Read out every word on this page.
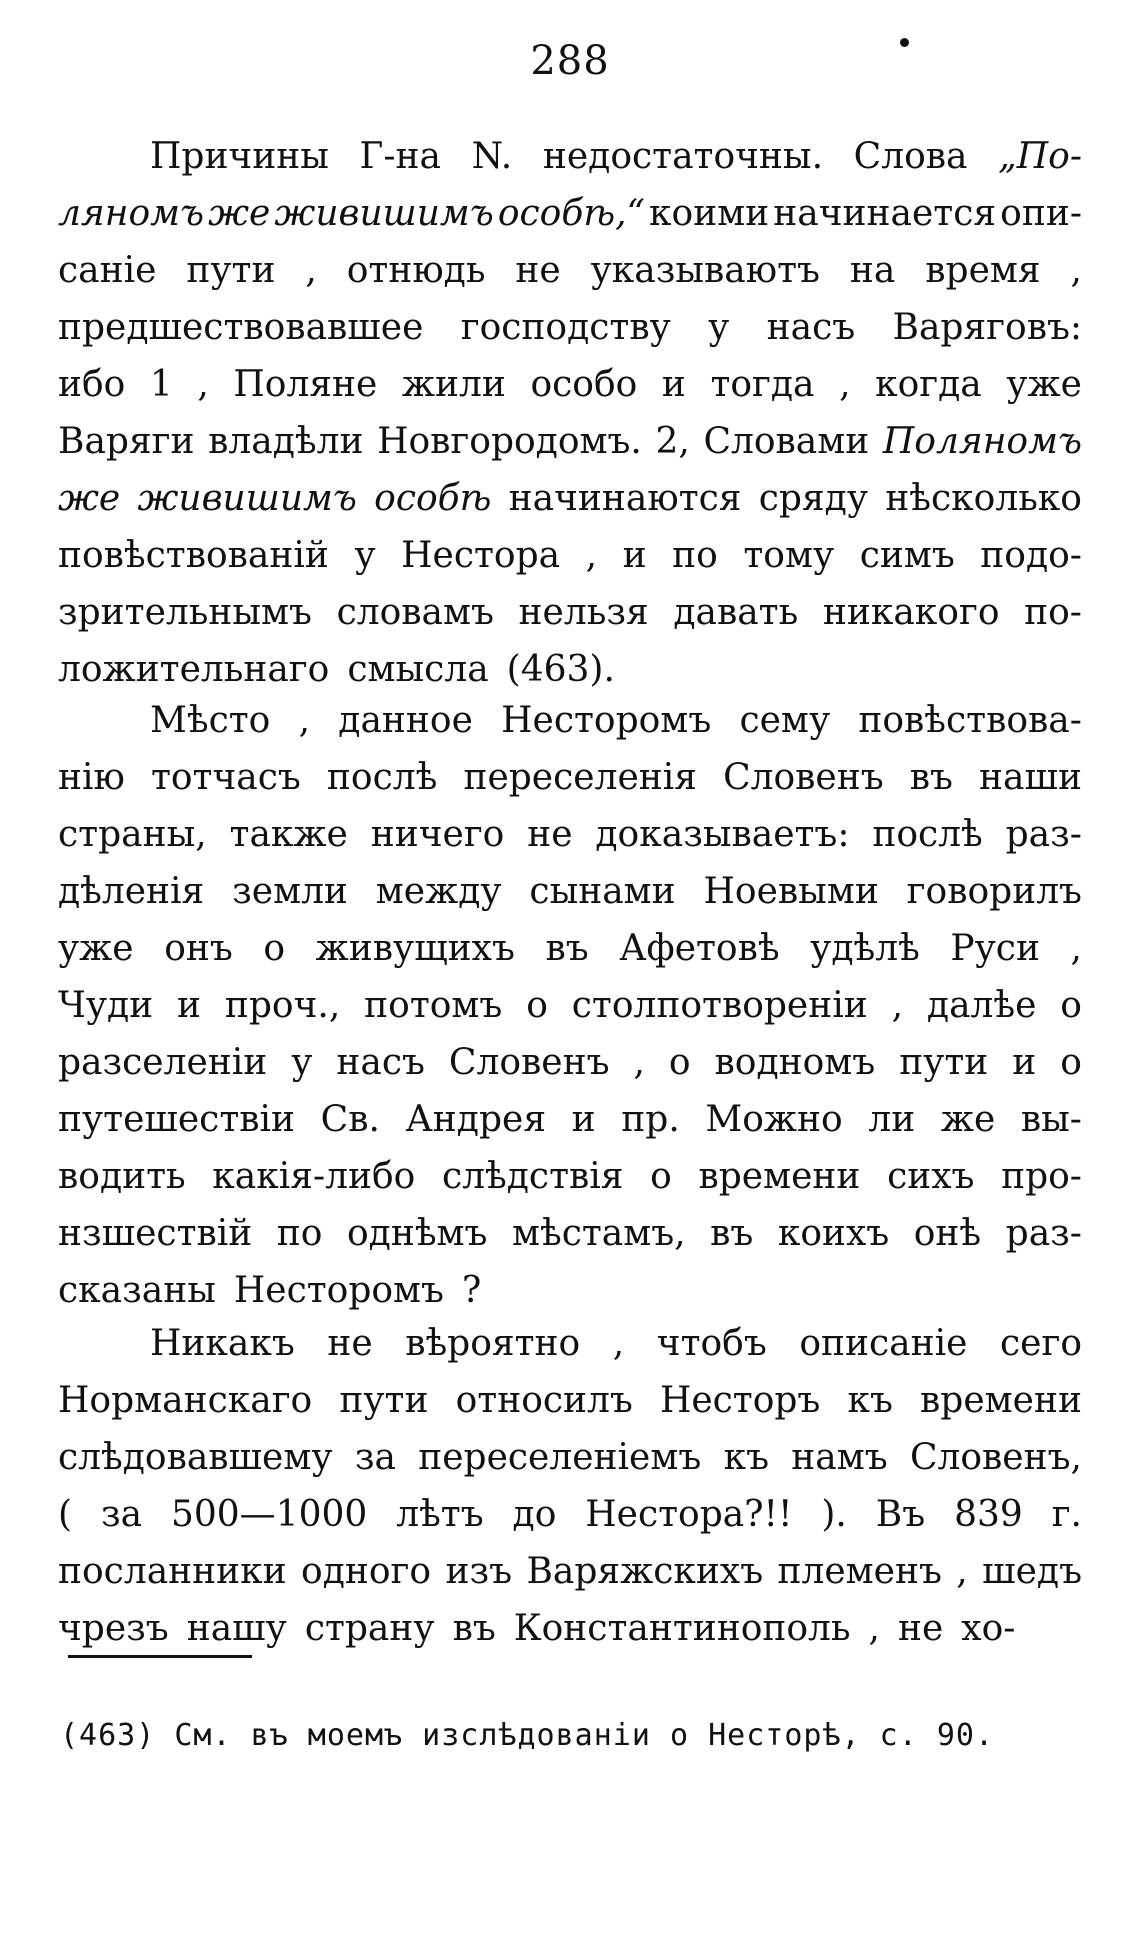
288
Причины Г-на N. недостаточны. Слова „По-
ляномъ же живишимъ особѣ,“ коими начинается опи-
саніе пути , отнюдь не указываютъ на время ,
предшествовавшее господству у насъ Варяговъ:
ибо 1 , Поляне жили особо и тогда , когда уже
Варяги владѣли Новгородомъ. 2, Словами Поляномъ
же живишимъ особѣ начинаются сряду нѣсколько
повѣствованій у Нестора , и по тому симъ подо-
зрительнымъ словамъ нельзя давать никакого по-
ложительнаго смысла (463).
Мѣсто , данное Несторомъ сему повѣствова-
нію тотчасъ послѣ переселенія Словенъ въ наши
страны, также ничего не доказываетъ: послѣ раз-
дѣленія земли между сынами Ноевыми говорилъ
уже онъ о живущихъ въ Афетовѣ удѣлѣ Руси ,
Чуди и проч., потомъ о столпотвореніи , далѣе о
разселеніи у насъ Словенъ , о водномъ пути и о
путешествіи Св. Андрея и пр. Можно ли же вы-
водить какія-либо слѣдствія о времени сихъ про-
нзшествій по однѣмъ мѣстамъ, въ коихъ онѣ раз-
сказаны Несторомъ ?
Никакъ не вѣроятно , чтобъ описаніе сего
Норманскаго пути относилъ Несторъ къ времени
слѣдовавшему за переселеніемъ къ намъ Словенъ,
( за 500—1000 лѣтъ до Нестора?!! ). Въ 839 г.
посланники одного изъ Варяжскихъ племенъ , шедъ
чрезъ нашу страну въ Константинополь , не хо-
(463) См. въ моемъ изслѣдованіи о Несторѣ, с. 90.
